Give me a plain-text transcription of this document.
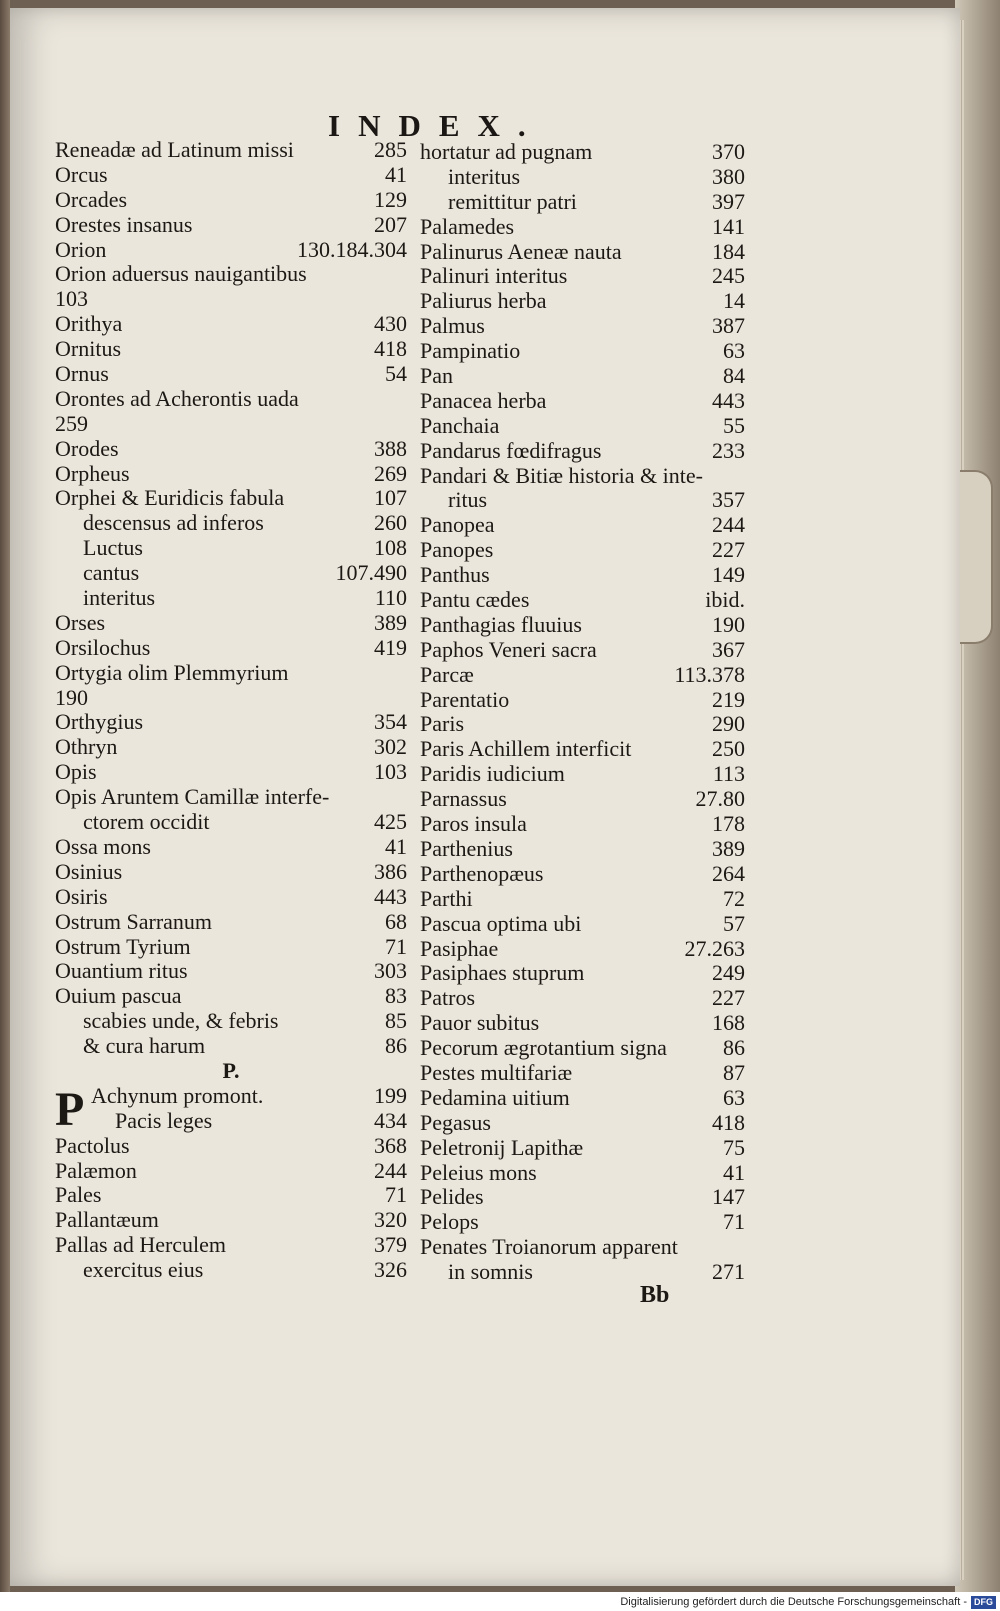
INDEX.
Reneadæ ad Latinum missi	285
Orcus	41
Orcades	129
Orestes insanus	207
Orion	130.184.304
Orion aduersus nauigantibus
103
Orithya	430
Ornitus	418
Ornus	54
Orontes ad Acherontis uada
259
Orodes	388
Orpheus	269
Orphei & Euridicis fabula	107
descensus ad inferos	260
Luctus	108
cantus	107.490
interitus	110
Orses	389
Orsilochus	419
Ortygia olim Plemmyrium
190
Orthygius	354
Othryn	302
Opis	103
Opis Aruntem Camillæ interfe-
ctorem occidit	425
Ossa mons	41
Osinius	386
Osiris	443
Ostrum Sarranum	68
Ostrum Tyrium	71
Ouantium ritus	303
Ouium pascua	83
scabies unde, & febris	85
& cura harum	86
P.
P Achynum promont.	199
Pacis leges	434
Pactolus	368
Palæmon	244
Pales	71
Pallantæum	320
Pallas ad Herculem	379
exercitus eius	326
hortatur ad pugnam	370
interitus	380
remittitur patri	397
Palamedes	141
Palinurus Aeneæ nauta	184
Palinuri interitus	245
Paliurus herba	14
Palmus	387
Pampinatio	63
Pan	84
Panacea herba	443
Panchaia	55
Pandarus fœdifragus	233
Pandari & Bitiæ historia & inte-
ritus	357
Panopea	244
Panopes	227
Panthus	149
Pantu cædes	ibid.
Panthagias fluuius	190
Paphos Veneri sacra	367
Parcæ	113.378
Parentatio	219
Paris	290
Paris Achillem interficit	250
Paridis iudicium	113
Parnassus	27.80
Paros insula	178
Parthenius	389
Parthenopæus	264
Parthi	72
Pascua optima ubi	57
Pasiphae	27.263
Pasiphaes stuprum	249
Patros	227
Pauor subitus	168
Pecorum ægrotantium signa	86
Pestes multifariæ	87
Pedamina uitium	63
Pegasus	418
Peletronij Lapithæ	75
Peleius mons	41
Pelides	147
Pelops	71
Penates Troianorum apparent
in somnis	271
Bb
Digitalisierung gefördert durch die Deutsche Forschungsgemeinschaft - DFG
